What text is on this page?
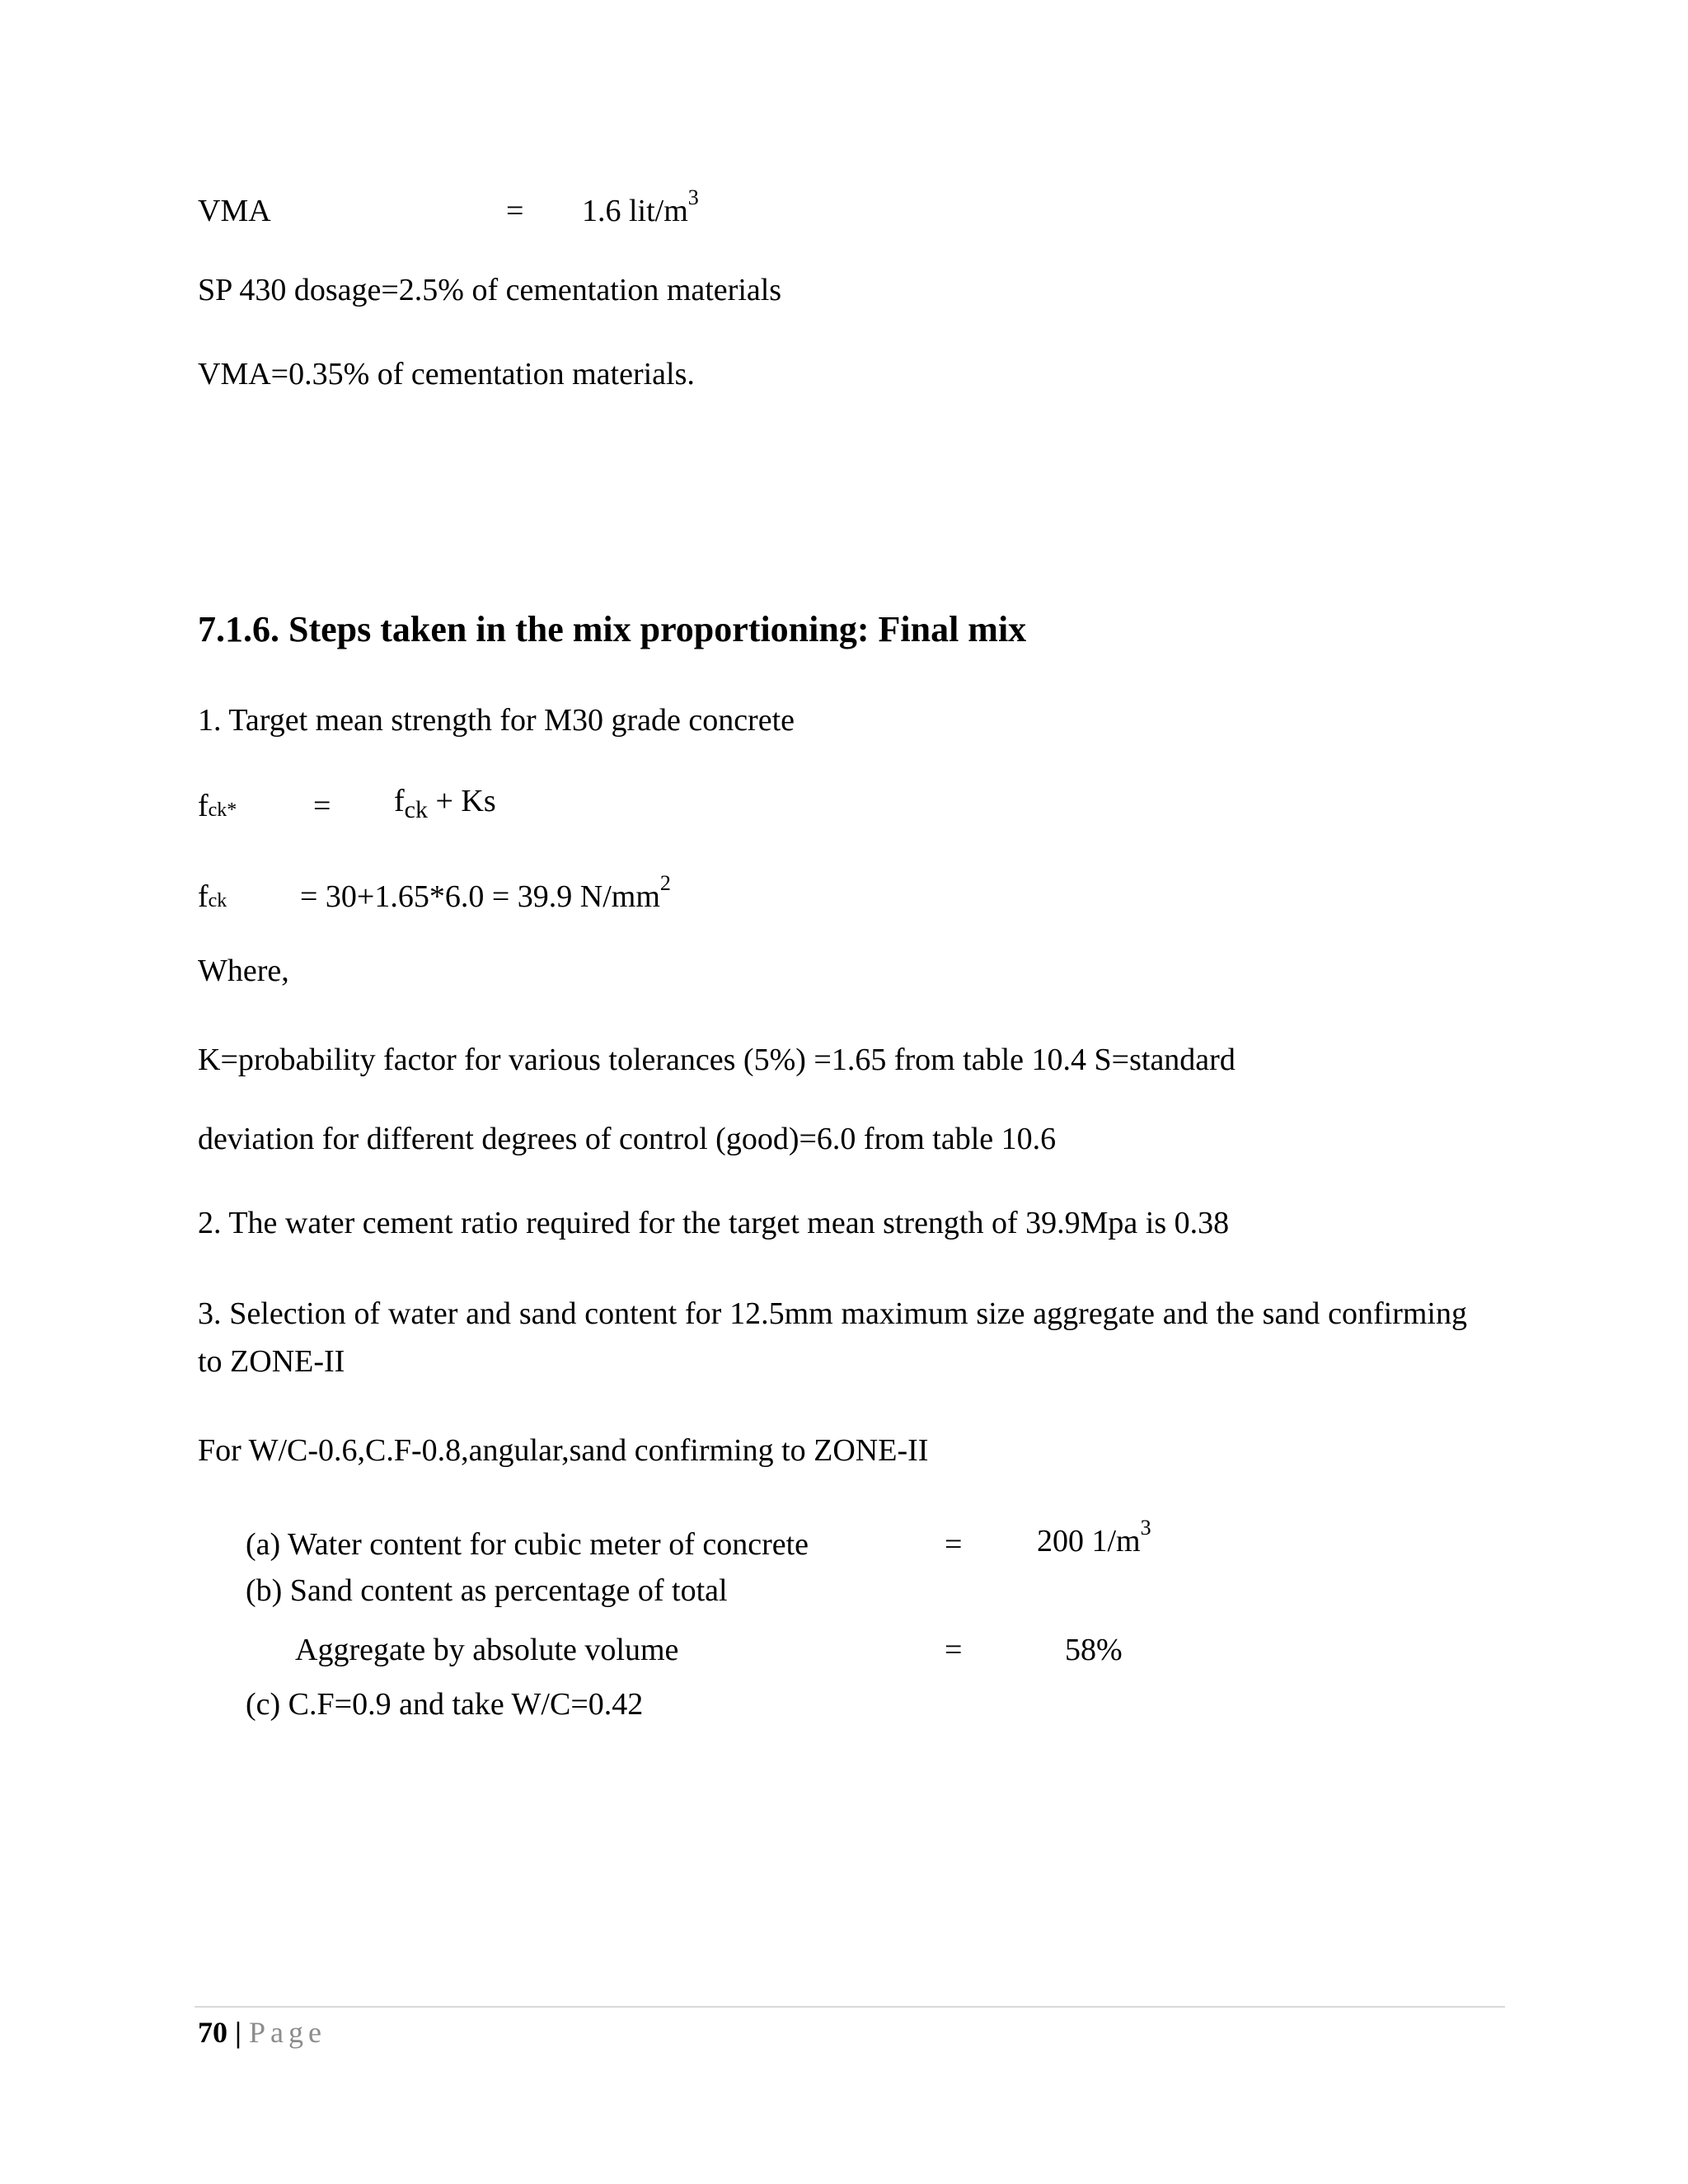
VMA	= 1.6 lit/$m^3$
SP 430 dosage=2.5% of cementation materials
VMA=0.35% of cementation materials.
7.1.6. Steps taken in the mix proportioning: Final mix
1. Target mean strength for M30 grade concrete
$fck* = f_{ck} + Ks$
fck = 30+1.65*6.0 = 39.9 $N/mm^2$
Where,
K=probability factor for various tolerances (5%) =1.65 from table 10.4 S=standard
deviation for different degrees of control (good)=6.0 from table 10.6
2. The water cement ratio required for the target mean strength of 39.9Mpa is 0.38
3. Selection of water and sand content for 12.5mm maximum size aggregate and the sand confirming to ZONE-II
For W/C-0.6,C.F-0.8,angular,sand confirming to ZONE-II
(a) Water content for cubic meter of concrete	= 200 $1/m^3$
(b) Sand content as percentage of total
Aggregate by absolute volume	=	58%
(c) C.F=0.9 and take W/C=0.42
70 | Page
